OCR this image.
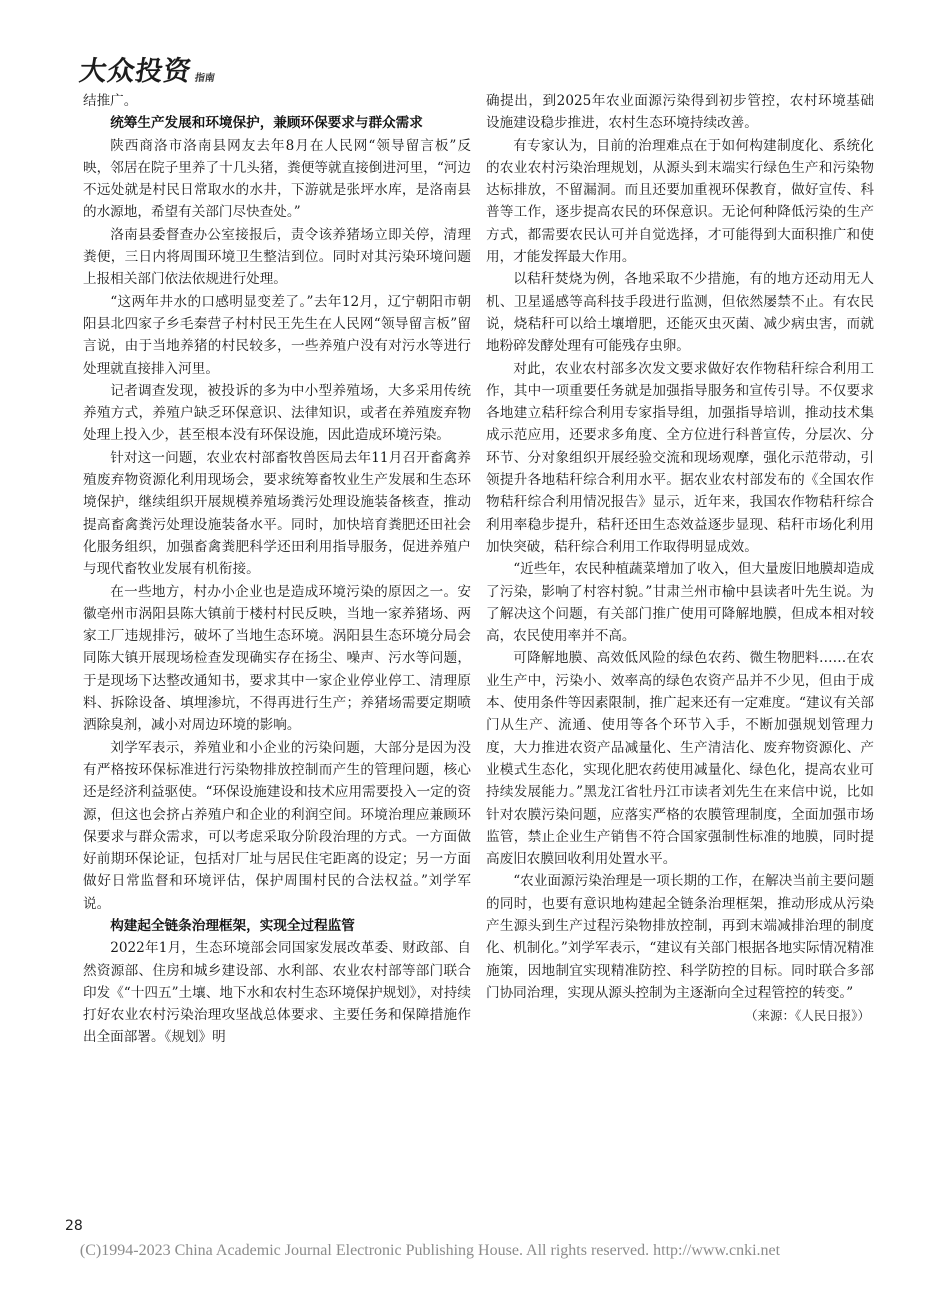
大众投资 指南

结推广。

统筹生产发展和环境保护，兼顾环保要求与群众需求

陕西商洛市洛南县网友去年8月在人民网“领导留言板”反映，邻居在院子里养了十几头猪，粪便等就直接倒进河里，“河边不远处就是村民日常取水的水井，下游就是张坪水库，是洛南县的水源地，希望有关部门尽快查处。”

洛南县委督查办公室接报后，责令该养猪场立即关停，清理粪便，三日内将周围环境卫生整洁到位。同时对其污染环境问题上报相关部门依法依规进行处理。

“这两年井水的口感明显变差了。”去年12月，辽宁朝阳市朝阳县北四家子乡毛秦营子村村民王先生在人民网“领导留言板”留言说，由于当地养猪的村民较多，一些养殖户没有对污水等进行处理就直接排入河里。

记者调查发现，被投诉的多为中小型养殖场，大多采用传统养殖方式，养殖户缺乏环保意识、法律知识，或者在养殖废弃物处理上投入少，甚至根本没有环保设施，因此造成环境污染。

针对这一问题，农业农村部畜牧兽医局去年11月召开畜禽养殖废弃物资源化利用现场会，要求统筹畜牧业生产发展和生态环境保护，继续组织开展规模养殖场粪污处理设施装备核查，推动提高畜禽粪污处理设施装备水平。同时，加快培育粪肥还田社会化服务组织，加强畜禽粪肥科学还田利用指导服务，促进养殖户与现代畜牧业发展有机衔接。

在一些地方，村办小企业也是造成环境污染的原因之一。安徽亳州市涡阳县陈大镇前于楼村村民反映，当地一家养猪场、两家工厂违规排污，破坏了当地生态环境。涡阳县生态环境分局会同陈大镇开展现场检查发现确实存在扬尘、噪声、污水等问题，于是现场下达整改通知书，要求其中一家企业停业停工、清理原料、拆除设备、填埋渗坑，不得再进行生产；养猪场需要定期喷洒除臭剂，减小对周边环境的影响。

刘学军表示，养殖业和小企业的污染问题，大部分是因为没有严格按环保标准进行污染物排放控制而产生的管理问题，核心还是经济利益驱使。“环保设施建设和技术应用需要投入一定的资源，但这也会挤占养殖户和企业的利润空间。环境治理应兼顾环保要求与群众需求，可以考虑采取分阶段治理的方式。一方面做好前期环保论证，包括对厂址与居民住宅距离的设定；另一方面做好日常监督和环境评估，保护周围村民的合法权益。”刘学军说。

构建起全链条治理框架，实现全过程监管

2022年1月，生态环境部会同国家发展改革委、财政部、自然资源部、住房和城乡建设部、水利部、农业农村部等部门联合印发《“十四五”土壤、地下水和农村生态环境保护规划》，对持续打好农业农村污染治理攻坚战总体要求、主要任务和保障措施作出全面部署。《规划》明

确提出，到2025年农业面源污染得到初步管控，农村环境基础设施建设稳步推进，农村生态环境持续改善。

有专家认为，目前的治理难点在于如何构建制度化、系统化的农业农村污染治理规划，从源头到末端实行绿色生产和污染物达标排放，不留漏洞。而且还要加重视环保教育，做好宣传、科普等工作，逐步提高农民的环保意识。无论何种降低污染的生产方式，都需要农民认可并自觉选择，才可能得到大面积推广和使用，才能发挥最大作用。

以秸秆焚烧为例，各地采取不少措施，有的地方还动用无人机、卫星遥感等高科技手段进行监测，但依然屡禁不止。有农民说，烧秸秆可以给土壤增肥，还能灭虫灭菌、减少病虫害，而就地粉碎发酵处理有可能残存虫卵。

对此，农业农村部多次发文要求做好农作物秸秆综合利用工作，其中一项重要任务就是加强指导服务和宣传引导。不仅要求各地建立秸秆综合利用专家指导组，加强指导培训，推动技术集成示范应用，还要求多角度、全方位进行科普宣传，分层次、分环节、分对象组织开展经验交流和现场观摩，强化示范带动，引领提升各地秸秆综合利用水平。据农业农村部发布的《全国农作物秸秆综合利用情况报告》显示，近年来，我国农作物秸秆综合利用率稳步提升，秸秆还田生态效益逐步显现、秸秆市场化利用加快突破，秸秆综合利用工作取得明显成效。

“近些年，农民种植蔬菜增加了收入，但大量废旧地膜却造成了污染，影响了村容村貌。”甘肃兰州市榆中县读者叶先生说。为了解决这个问题，有关部门推广使用可降解地膜，但成本相对较高，农民使用率并不高。

可降解地膜、高效低风险的绿色农药、微生物肥料……在农业生产中，污染小、效率高的绿色农资产品并不少见，但由于成本、使用条件等因素限制，推广起来还有一定难度。“建议有关部门从生产、流通、使用等各个环节入手，不断加强规划管理力度，大力推进农资产品减量化、生产清洁化、废弃物资源化、产业模式生态化，实现化肥农药使用减量化、绿色化，提高农业可持续发展能力。”黑龙江省牡丹江市读者刘先生在来信中说，比如针对农膜污染问题，应落实严格的农膜管理制度，全面加强市场监管，禁止企业生产销售不符合国家强制性标准的地膜，同时提高废旧农膜回收利用处置水平。

“农业面源污染治理是一项长期的工作，在解决当前主要问题的同时，也要有意识地构建起全链条治理框架，推动形成从污染产生源头到生产过程污染物排放控制，再到末端减排治理的制度化、机制化。”刘学军表示，“建议有关部门根据各地实际情况精准施策，因地制宜实现精准防控、科学防控的目标。同时联合多部门协同治理，实现从源头控制为主逐渐向全过程管控的转变。”

（来源：《人民日报》）
28
(C)1994-2023 China Academic Journal Electronic Publishing House. All rights reserved. http://www.cnki.net
